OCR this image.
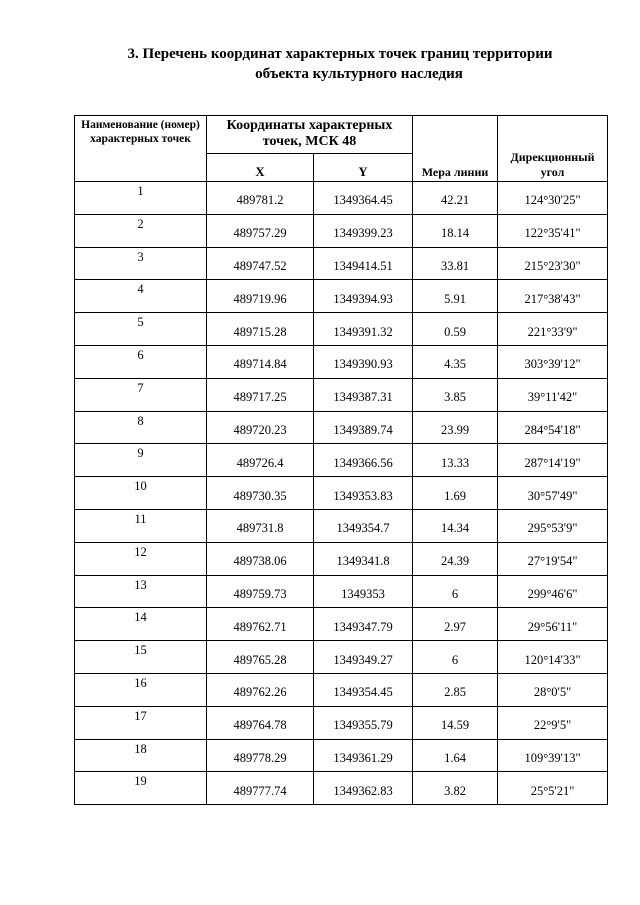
3. Перечень координат характерных точек границ территории
объекта культурного наследия
Наименование (номер) характерных точек	Координаты характерных точек, МСК 48		Мера линии	Дирекционный угол
	X	Y		
1	489781.2	1349364.45	42.21	124°30'25"
2	489757.29	1349399.23	18.14	122°35'41"
3	489747.52	1349414.51	33.81	215°23'30"
4	489719.96	1349394.93	5.91	217°38'43"
5	489715.28	1349391.32	0.59	221°33'9"
6	489714.84	1349390.93	4.35	303°39'12"
7	489717.25	1349387.31	3.85	39°11'42"
8	489720.23	1349389.74	23.99	284°54'18"
9	489726.4	1349366.56	13.33	287°14'19"
10	489730.35	1349353.83	1.69	30°57'49"
11	489731.8	1349354.7	14.34	295°53'9"
12	489738.06	1349341.8	24.39	27°19'54"
13	489759.73	1349353	6	299°46'6"
14	489762.71	1349347.79	2.97	29°56'11"
15	489765.28	1349349.27	6	120°14'33"
16	489762.26	1349354.45	2.85	28°0'5"
17	489764.78	1349355.79	14.59	22°9'5"
18	489778.29	1349361.29	1.64	109°39'13"
19	489777.74	1349362.83	3.82	25°5'21"
